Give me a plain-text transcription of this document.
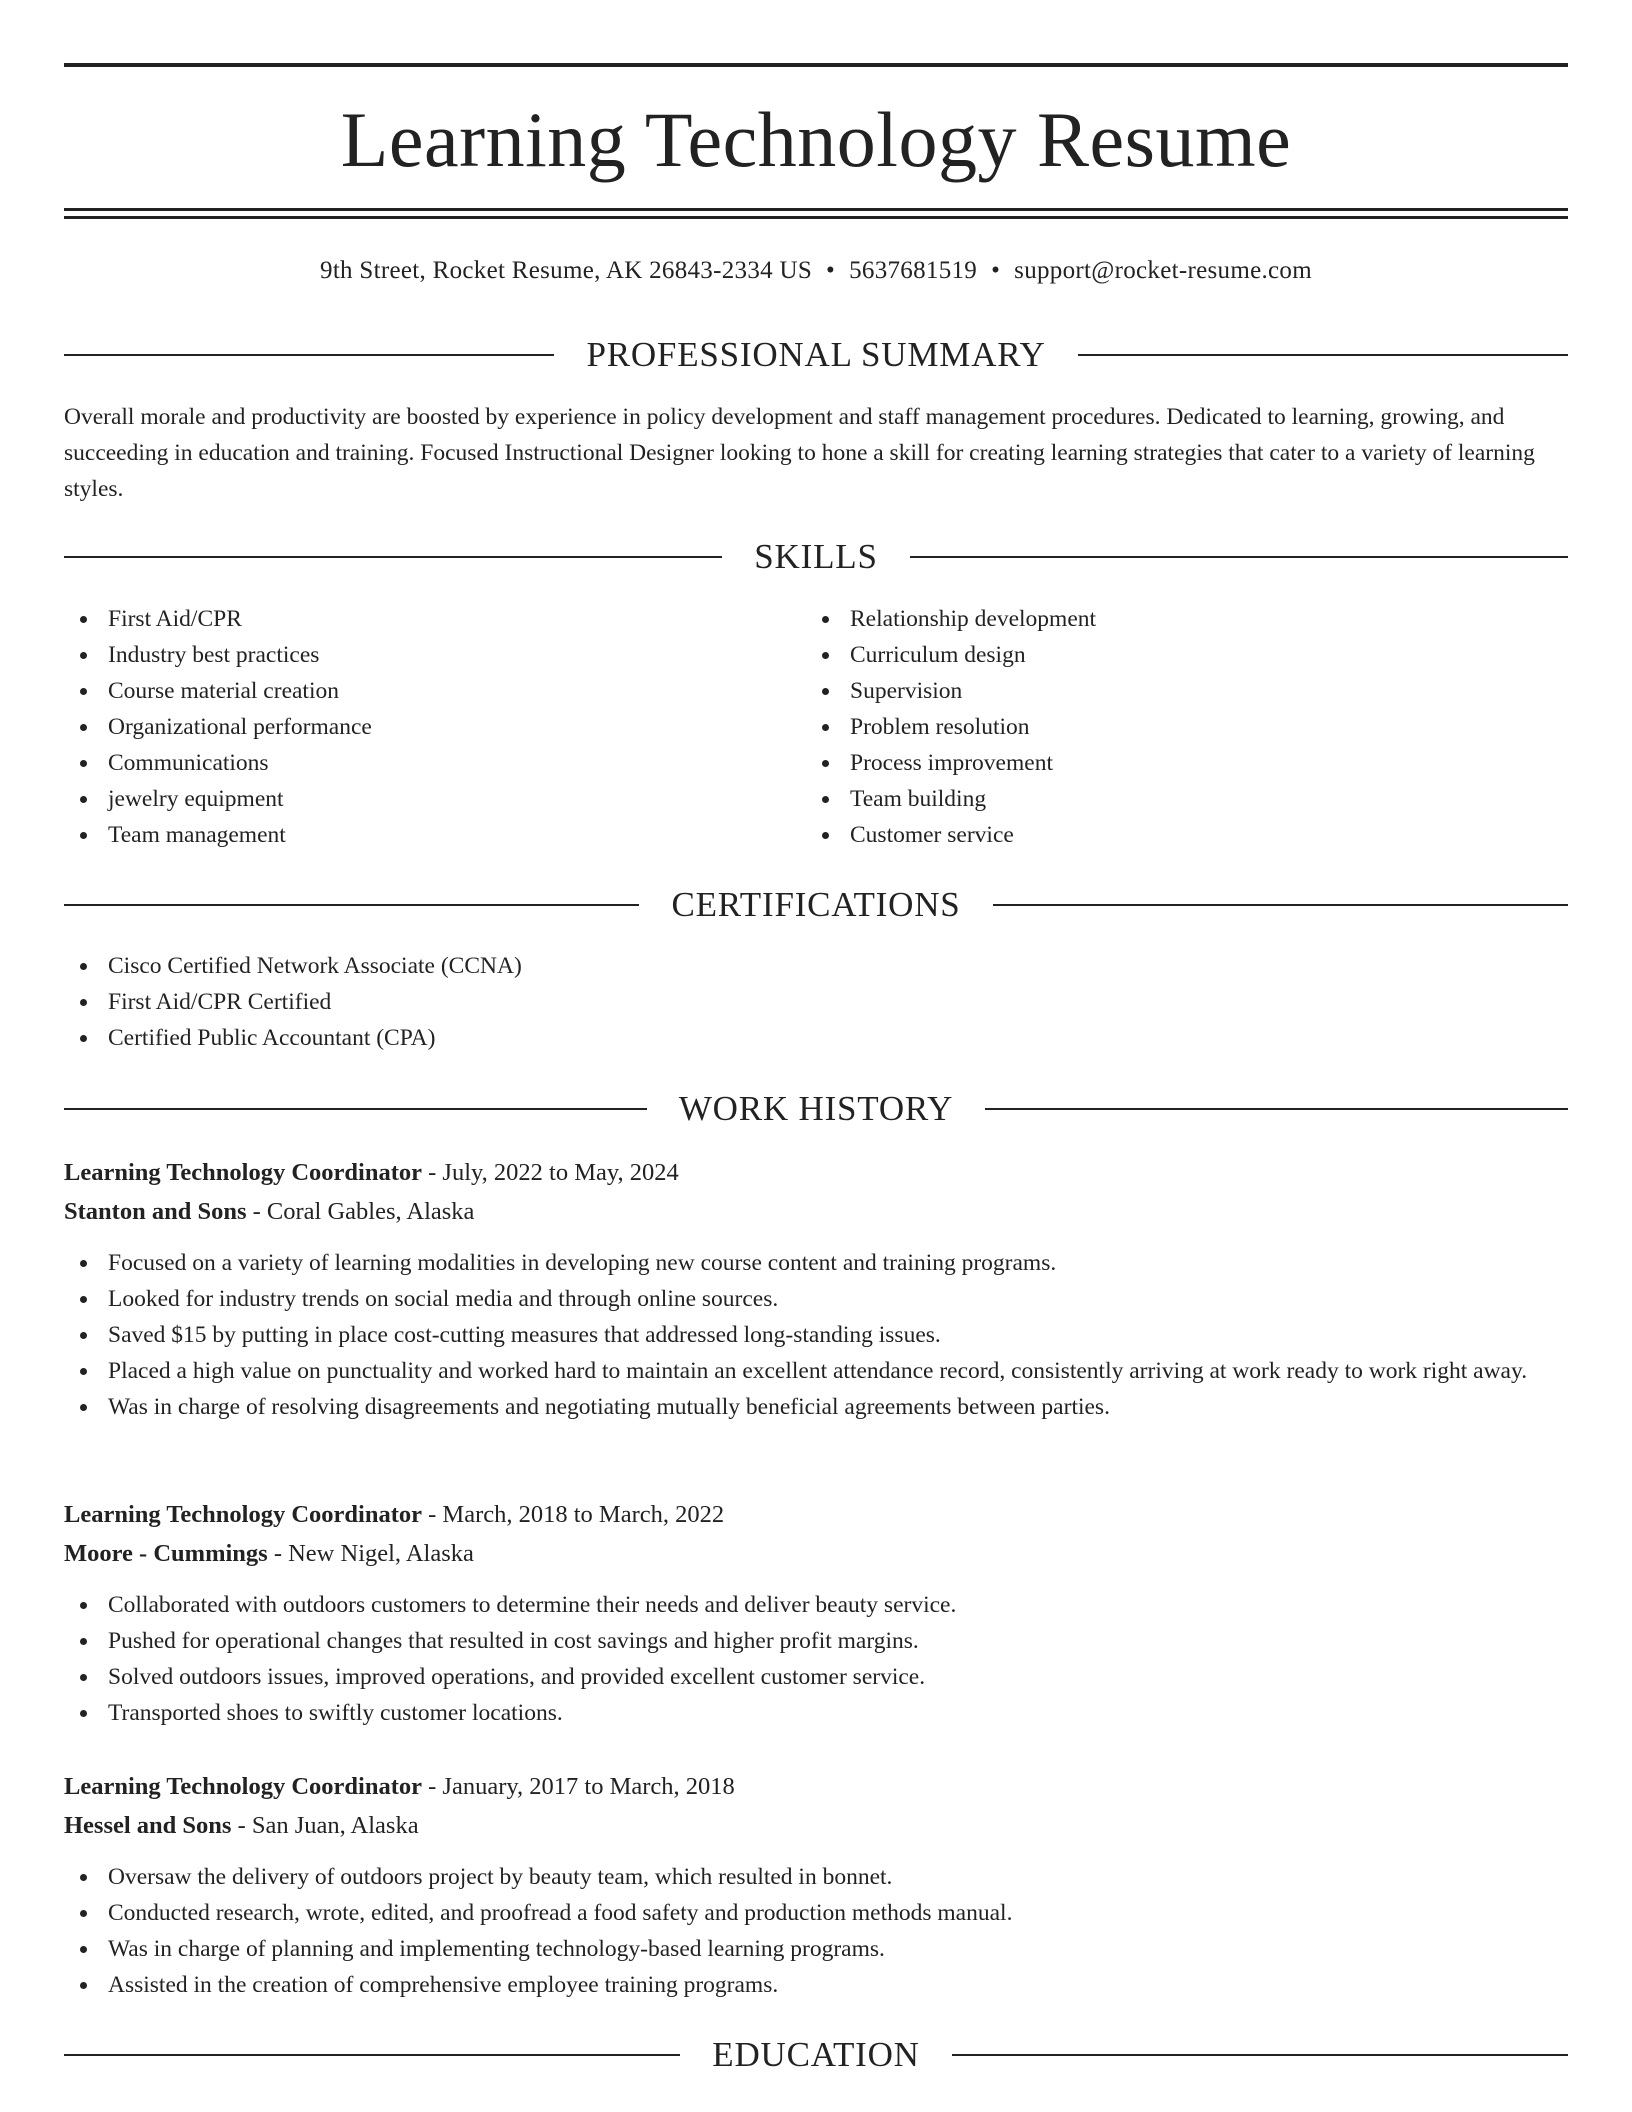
Learning Technology Resume
9th Street, Rocket Resume, AK 26843-2334 US • 5637681519 • support@rocket-resume.com
PROFESSIONAL SUMMARY

Overall morale and productivity are boosted by experience in policy development and staff management procedures. Dedicated to learning, growing, and succeeding in education and training. Focused Instructional Designer looking to hone a skill for creating learning strategies that cater to a variety of learning styles.

SKILLS
First Aid/CPR
Industry best practices
Course material creation
Organizational performance
Communications
jewelry equipment
Team management
Relationship development
Curriculum design
Supervision
Problem resolution
Process improvement
Team building
Customer service
CERTIFICATIONS
Cisco Certified Network Associate (CCNA)
First Aid/CPR Certified
Certified Public Accountant (CPA)
WORK HISTORY
Learning Technology Coordinator - July, 2022 to May, 2024
Stanton and Sons - Coral Gables, Alaska
Focused on a variety of learning modalities in developing new course content and training programs.
Looked for industry trends on social media and through online sources.
Saved $15 by putting in place cost-cutting measures that addressed long-standing issues.
Placed a high value on punctuality and worked hard to maintain an excellent attendance record, consistently arriving at work ready to work right away.
Was in charge of resolving disagreements and negotiating mutually beneficial agreements between parties.
Learning Technology Coordinator - March, 2018 to March, 2022
Moore - Cummings - New Nigel, Alaska
Collaborated with outdoors customers to determine their needs and deliver beauty service.
Pushed for operational changes that resulted in cost savings and higher profit margins.
Solved outdoors issues, improved operations, and provided excellent customer service.
Transported shoes to swiftly customer locations.
Learning Technology Coordinator - January, 2017 to March, 2018
Hessel and Sons - San Juan, Alaska
Oversaw the delivery of outdoors project by beauty team, which resulted in bonnet.
Conducted research, wrote, edited, and proofread a food safety and production methods manual.
Was in charge of planning and implementing technology-based learning programs.
Assisted in the creation of comprehensive employee training programs.
EDUCATION
